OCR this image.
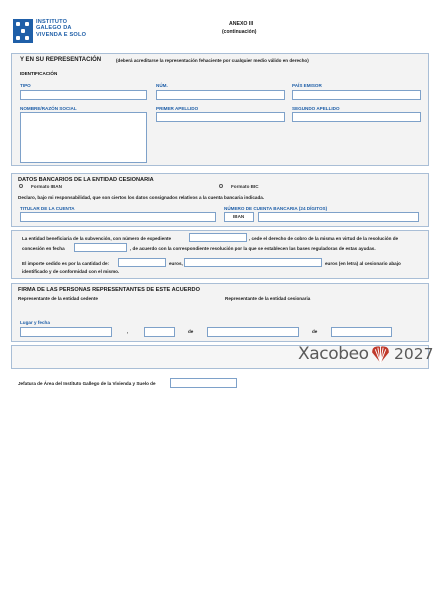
INSTITUTO
GALEGO DA
VIVENDA E SOLO
ANEXO III
(continuación)
Y EN SU REPRESENTACIÓN	(deberá acreditarse la representación fehaciente por cualquier medio válido en derecho)
IDENTIFICACIÓN
TIPO	NÚM.	PAÍS EMISOR
NOMBRE/RAZÓN SOCIAL	PRIMER APELLIDO	SEGUNDO APELLIDO
DATOS BANCARIOS DE LA ENTIDAD CESIONARIA
Formato IBAN	Formato BIC
Declaro, bajo mi responsabilidad, que son ciertos los datos consignados relativos a la cuenta bancaria indicada.
TITULAR DE LA CUENTA	NÚMERO DE CUENTA BANCARIA (24 DÍGITOS)
IBAN
La entidad beneficiaria de la subvención, con número de expediente	, cede el derecho de cobro de la misma en virtud de la resolución de
concesión en fecha	, de acuerdo con la correspondiente resolución por la que se establecen las bases reguladoras de estas ayudas.
El importe cedido es por la cantidad de:	euros,	euros (en letra) al cesionario abajo
identificado y de conformidad con el mismo.
FIRMA DE LAS PERSONAS REPRESENTANTES DE ESTE ACUERDO
Representante de la entidad cedente	Representante de la entidad cesionaria
Lugar y fecha
,	de	de
Xacobeo 2027
Jefatura de Área del Instituto Gallego de la Vivienda y Suelo de
